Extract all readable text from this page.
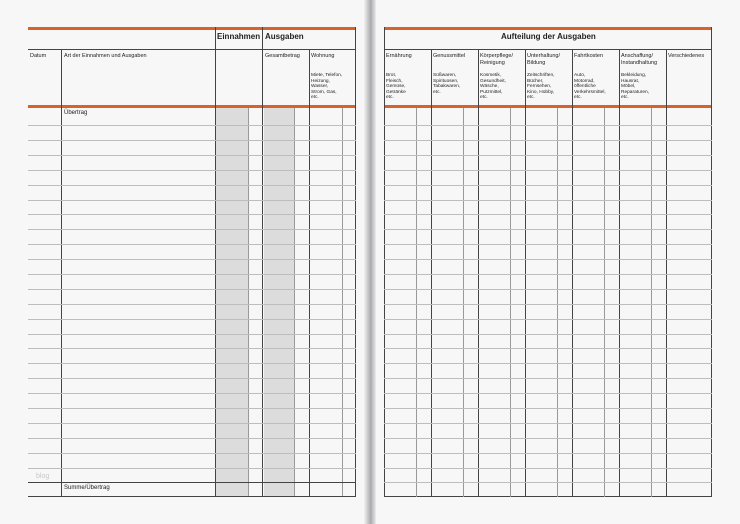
Einnahmen Ausgaben
Datum	Art der Einnahmen und Ausgaben	Gesamtbetrag Wohnung
Miete, Telefon,
Heizung,
Wasser,
Strom, Gas,
etc.
Übertrag
Summe/Übertrag
blog
Aufteilung der Ausgaben
Ernährung
Brot,
Fleisch,
Gemüse,
Getränke
etc.
Genussmittel
Süßwaren,
Spirituosen,
Tabakwaren,
etc.
Körperpflege/
Reinigung
Kosmetik,
Gesundheit,
Wäsche,
Putzmittel,
etc.
Unterhaltung/
Bildung
Zeitschriften,
Bücher,
Fernsehen,
Kino, Hobby,
etc.
Fahrtkosten
Auto,
Motorrad,
öffentliche
Verkehrsmittel,
etc.
Anschaffung/
Instandhaltung
Bekleidung,
Hausrat,
Möbel,
Reparaturen,
etc.
Verschiedenes
